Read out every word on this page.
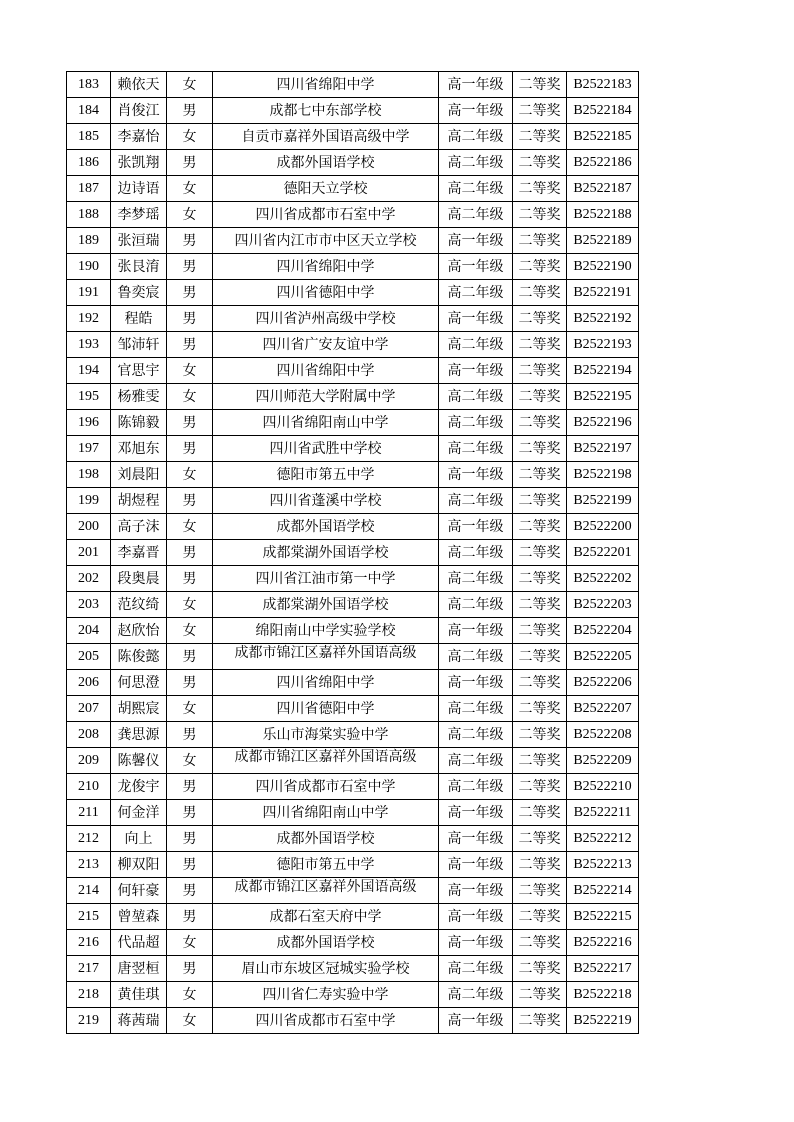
183	赖依天	女	四川省绵阳中学	高一年级	二等奖	B2522183
184	肖俊江	男	成都七中东部学校	高一年级	二等奖	B2522184
185	李嘉怡	女	自贡市嘉祥外国语高级中学	高二年级	二等奖	B2522185
186	张凯翔	男	成都外国语学校	高二年级	二等奖	B2522186
187	边诗语	女	德阳天立学校	高二年级	二等奖	B2522187
188	李梦瑶	女	四川省成都市石室中学	高二年级	二等奖	B2522188
189	张洹瑞	男	四川省内江市市中区天立学校	高一年级	二等奖	B2522189
190	张艮淯	男	四川省绵阳中学	高一年级	二等奖	B2522190
191	鲁奕宸	男	四川省德阳中学	高二年级	二等奖	B2522191
192	程皓	男	四川省泸州高级中学校	高一年级	二等奖	B2522192
193	邹沛轩	男	四川省广安友谊中学	高二年级	二等奖	B2522193
194	官思宇	女	四川省绵阳中学	高一年级	二等奖	B2522194
195	杨雅雯	女	四川师范大学附属中学	高二年级	二等奖	B2522195
196	陈锦毅	男	四川省绵阳南山中学	高二年级	二等奖	B2522196
197	邓旭东	男	四川省武胜中学校	高二年级	二等奖	B2522197
198	刘晨阳	女	德阳市第五中学	高一年级	二等奖	B2522198
199	胡煜程	男	四川省蓬溪中学校	高二年级	二等奖	B2522199
200	高子沫	女	成都外国语学校	高一年级	二等奖	B2522200
201	李嘉晋	男	成都棠湖外国语学校	高二年级	二等奖	B2522201
202	段奥晨	男	四川省江油市第一中学	高二年级	二等奖	B2522202
203	范纹绮	女	成都棠湖外国语学校	高二年级	二等奖	B2522203
204	赵欣怡	女	绵阳南山中学实验学校	高一年级	二等奖	B2522204
205	陈俊懿	男	成都市锦江区嘉祥外国语高级	高二年级	二等奖	B2522205
206	何思澄	男	四川省绵阳中学	高一年级	二等奖	B2522206
207	胡熙宸	女	四川省德阳中学	高二年级	二等奖	B2522207
208	龚思源	男	乐山市海棠实验中学	高二年级	二等奖	B2522208
209	陈馨仪	女	成都市锦江区嘉祥外国语高级	高二年级	二等奖	B2522209
210	龙俊宇	男	四川省成都市石室中学	高二年级	二等奖	B2522210
211	何金洋	男	四川省绵阳南山中学	高一年级	二等奖	B2522211
212	向上	男	成都外国语学校	高一年级	二等奖	B2522212
213	柳双阳	男	德阳市第五中学	高一年级	二等奖	B2522213
214	何轩豪	男	成都市锦江区嘉祥外国语高级	高一年级	二等奖	B2522214
215	曾堃森	男	成都石室天府中学	高一年级	二等奖	B2522215
216	代品超	女	成都外国语学校	高一年级	二等奖	B2522216
217	唐翌桓	男	眉山市东坡区冠城实验学校	高二年级	二等奖	B2522217
218	黄佳琪	女	四川省仁寿实验中学	高二年级	二等奖	B2522218
219	蒋茜瑞	女	四川省成都市石室中学	高一年级	二等奖	B2522219
